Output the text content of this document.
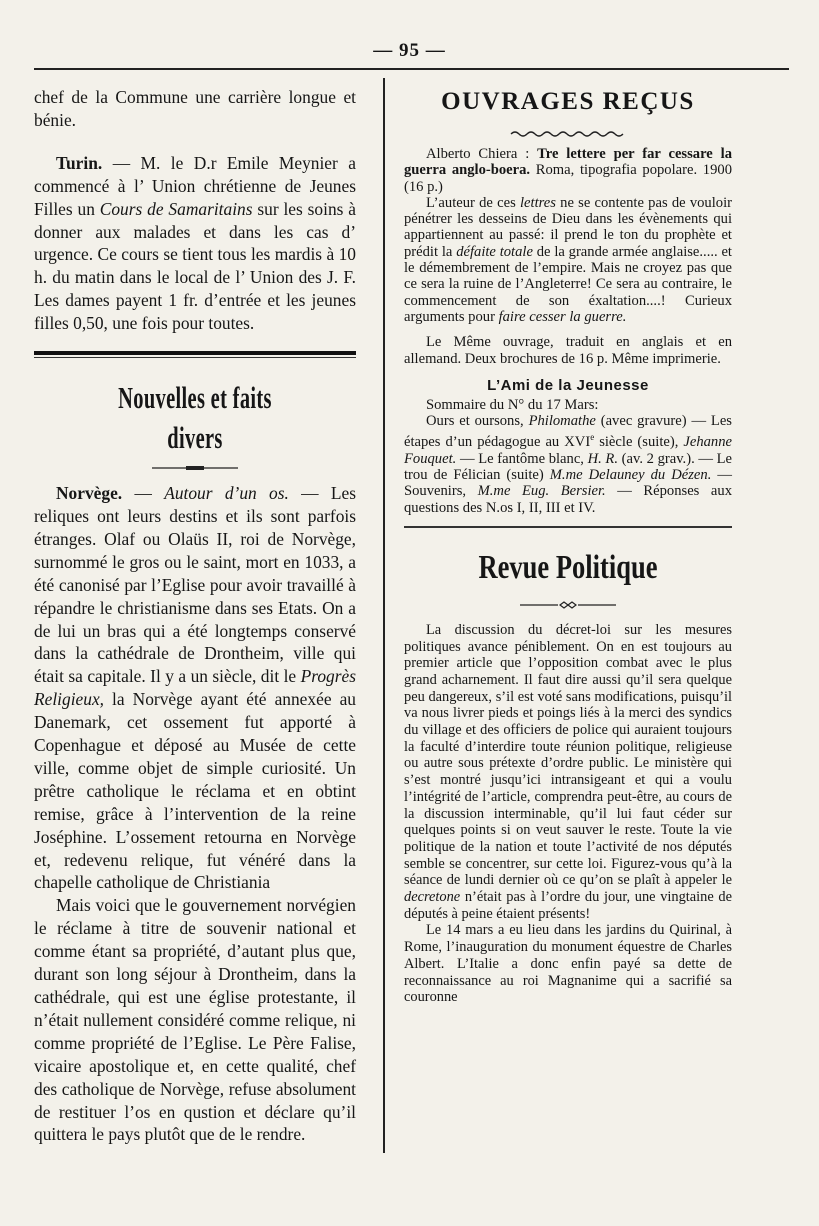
— 95 —

chef de la Commune une carrière longue et bénie.

Turin. — M. le D.r Emile Meynier a commencé à l’ Union chrétienne de Jeunes Filles un Cours de Samaritains sur les soins à donner aux malades et dans les cas d’ urgence. Ce cours se tient tous les mardis à 10 h. du matin dans le local de l’ Union des J. F. Les dames payent 1 fr. d’entrée et les jeunes filles 0,50, une fois pour toutes.

Nouvelles et faits divers

Norvège. — Autour d’un os. — Les reliques ont leurs destins et ils sont parfois étranges. Olaf ou Olaüs II, roi de Norvège, surnommé le gros ou le saint, mort en 1033, a été canonisé par l’Eglise pour avoir travaillé à répandre le christianisme dans ses Etats. On a de lui un bras qui a été longtemps conservé dans la cathédrale de Drontheim, ville qui était sa capitale. Il y a un siècle, dit le Progrès Religieux, la Norvège ayant été annexée au Danemark, cet ossement fut apporté à Copenhague et déposé au Musée de cette ville, comme objet de simple curiosité. Un prêtre catholique le réclama et en obtint remise, grâce à l’intervention de la reine Joséphine. L’ossement retourna en Norvège et, redevenu relique, fut vénéré dans la chapelle catholique de Christiania

Mais voici que le gouvernement norvégien le réclame à titre de souvenir national et comme étant sa propriété, d’autant plus que, durant son long séjour à Drontheim, dans la cathédrale, qui est une église protestante, il n’était nullement considéré comme relique, ni comme propriété de l’Eglise. Le Père Falise, vicaire apostolique et, en cette qualité, chef des catholique de Norvège, refuse absolument de restituer l’os en qustion et déclare qu’il quittera le pays plutôt que de le rendre.

OUVRAGES REÇUS

Alberto Chiera : Tre lettere per far cessare la guerra anglo-boera. Roma, tipografia popolare. 1900 (16 p.)

L’auteur de ces lettres ne se contente pas de vouloir pénétrer les desseins de Dieu dans les évènements qui appartiennent au passé: il prend le ton du prophète et prédit la défaite totale de la grande armée anglaise..... et le démembrement de l’empire. Mais ne croyez pas que ce sera la ruine de l’Angleterre! Ce sera au contraire, le commencement de son éxaltation....! Curieux arguments pour faire cesser la guerre.

Le Même ouvrage, traduit en anglais et en allemand. Deux brochures de 16 p. Même imprimerie.

L’Ami de la Jeunesse

Sommaire du N° du 17 Mars:

Ours et oursons, Philomathe (avec gravure) — Les étapes d’un pédagogue au XVIe siècle (suite), Jehanne Fouquet. — Le fantôme blanc, H. R. (av. 2 grav.). — Le trou de Félician (suite) M.me Delauney du Dézen. — Souvenirs, M.me Eug. Bersier. — Réponses aux questions des N.os I, II, III et IV.

Revue Politique

La discussion du décret-loi sur les mesures politiques avance péniblement. On en est toujours au premier article que l’opposition combat avec le plus grand acharnement. Il faut dire aussi qu’il sera quelque peu dangereux, s’il est voté sans modifications, puisqu’il va nous livrer pieds et poings liés à la merci des syndics du village et des officiers de police qui auraient toujours la faculté d’interdire toute réunion politique, religieuse ou autre sous prétexte d’ordre public. Le ministère qui s’est montré jusqu’ici intransigeant et qui a voulu l’intégrité de l’article, comprendra peut-être, au cours de la discussion interminable, qu’il lui faut céder sur quelques points si on veut sauver le reste. Toute la vie politique de la nation et toute l’activité de nos députés semble se concentrer, sur cette loi. Figurez-vous qu’à la séance de lundi dernier où ce qu’on se plaît à appeler le decretone n’était pas à l’ordre du jour, une vingtaine de députés à peine étaient présents!

Le 14 mars a eu lieu dans les jardins du Quirinal, à Rome, l’inauguration du monument équestre de Charles Albert. L’Italie a donc enfin payé sa dette de reconnaissance au roi Magnanime qui a sacrifié sa couronne
